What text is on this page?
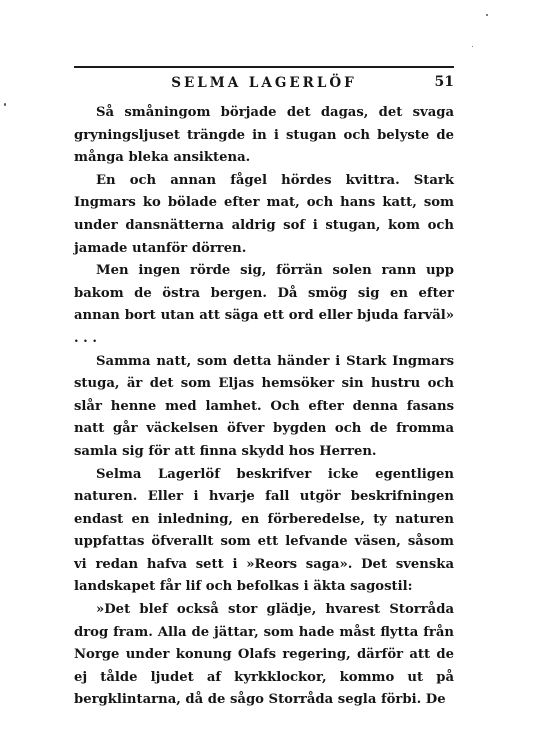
SELMA LAGERLÖF	51

Så småningom började det dagas, det svaga gryningsljuset trängde in i stugan och belyste de många bleka ansiktena.

En och annan fågel hördes kvittra. Stark Ingmars ko bölade efter mat, och hans katt, som under dansnätterna aldrig sof i stugan, kom och jamade utanför dörren.

Men ingen rörde sig, förrän solen rann upp bakom de östra bergen. Då smög sig en efter annan bort utan att säga ett ord eller bjuda farväl» . . .

Samma natt, som detta händer i Stark Ingmars stuga, är det som Eljas hemsöker sin hustru och slår henne med lamhet. Och efter denna fasans natt går väckelsen öfver bygden och de fromma samla sig för att finna skydd hos Herren.

Selma Lagerlöf beskrifver icke egentligen naturen. Eller i hvarje fall utgör beskrifningen endast en inledning, en förberedelse, ty naturen uppfattas öfverallt som ett lefvande väsen, såsom vi redan hafva sett i »Reors saga». Det svenska landskapet får lif och befolkas i äkta sagostil:

»Det blef också stor glädje, hvarest Storråda drog fram. Alla de jättar, som hade måst flytta från Norge under konung Olafs regering, därför att de ej tålde ljudet af kyrkklockor, kommo ut på bergklintarna, då de sågo Storråda segla förbi. De
